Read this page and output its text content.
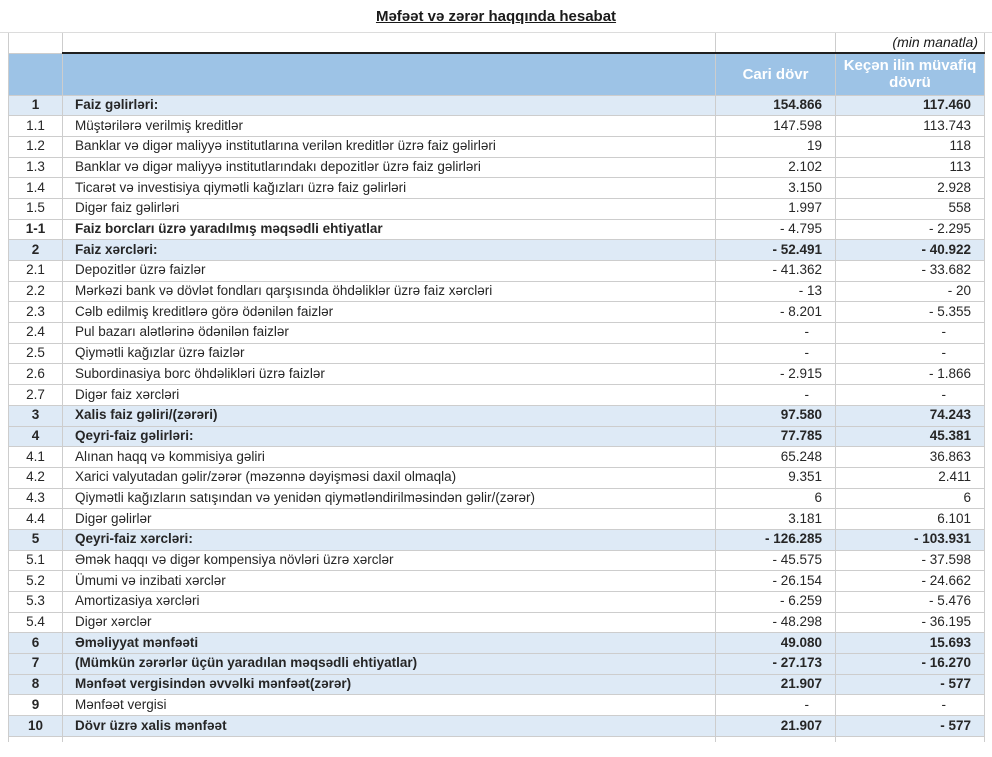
Məfəət və zərər haqqında hesabat
			(min manatla)
		Cari dövr	Keçən ilin müvafiq dövrü
1	Faiz gəlirləri:	154.866	117.460
1.1	Müştərilərə verilmiş kreditlər	147.598	113.743
1.2	Banklar və digər maliyyə institutlarına verilən kreditlər üzrə faiz gəlirləri	19	118
1.3	Banklar və digər maliyyə institutlarındakı depozitlər üzrə faiz gəlirləri	2.102	113
1.4	Ticarət və investisiya qiymətli kağızları üzrə faiz gəlirləri	3.150	2.928
1.5	Digər faiz gəlirləri	1.997	558
1-1	Faiz borcları üzrə yaradılmış məqsədli ehtiyatlar	- 4.795	- 2.295
2	Faiz xərcləri:	- 52.491	- 40.922
2.1	Depozitlər üzrə faizlər	- 41.362	- 33.682
2.2	Mərkəzi bank və dövlət fondları qarşısında öhdəliklər üzrə faiz xərcləri	- 13	- 20
2.3	Cəlb edilmiş kreditlərə görə ödənilən faizlər	- 8.201	- 5.355
2.4	Pul bazarı alətlərinə ödənilən faizlər	-	-
2.5	Qiymətli kağızlar üzrə faizlər	-	-
2.6	Subordinasiya borc öhdəlikləri üzrə faizlər	- 2.915	- 1.866
2.7	Digər faiz xərcləri	-	-
3	Xalis faiz gəliri/(zərəri)	97.580	74.243
4	Qeyri-faiz gəlirləri:	77.785	45.381
4.1	Alınan haqq və kommisiya gəliri	65.248	36.863
4.2	Xarici valyutadan gəlir/zərər (məzənnə dəyişməsi daxil olmaqla)	9.351	2.411
4.3	Qiymətli kağızların satışından və yenidən qiymətləndirilməsindən gəlir/(zərər)	6	6
4.4	Digər gəlirlər	3.181	6.101
5	Qeyri-faiz xərcləri:	- 126.285	- 103.931
5.1	Əmək haqqı və digər kompensiya növləri üzrə xərclər	- 45.575	- 37.598
5.2	Ümumi və inzibati xərclər	- 26.154	- 24.662
5.3	Amortizasiya xərcləri	- 6.259	- 5.476
5.4	Digər xərclər	- 48.298	- 36.195
6	Əməliyyat mənfəəti	49.080	15.693
7	(Mümkün zərərlər üçün yaradılan məqsədli ehtiyatlar)	- 27.173	- 16.270
8	Mənfəət vergisindən əvvəlki mənfəət(zərər)	21.907	- 577
9	Mənfəət vergisi	-	-
10	Dövr üzrə xalis mənfəət	21.907	- 577
